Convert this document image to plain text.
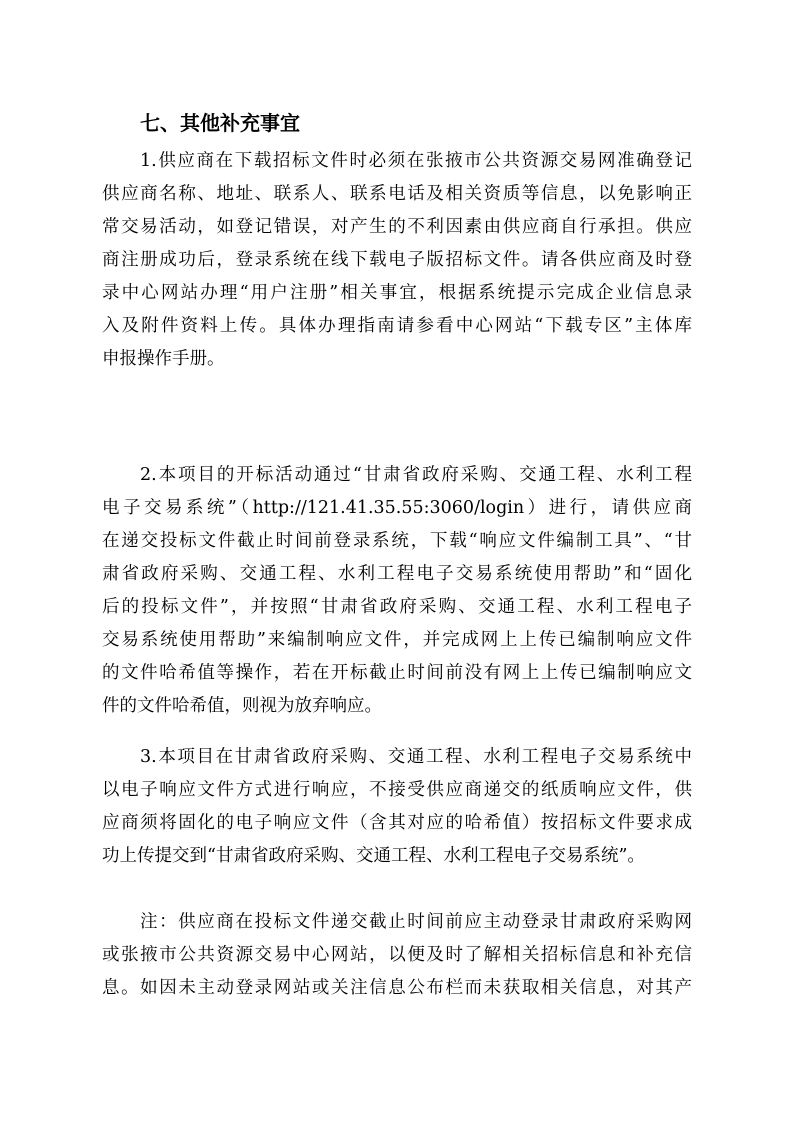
七、其他补充事宜

1.供应商在下载招标文件时必须在张掖市公共资源交易网准确登记
供应商名称、地址、联系人、联系电话及相关资质等信息，以免影响正
常交易活动，如登记错误，对产生的不利因素由供应商自行承担。供应
商注册成功后，登录系统在线下载电子版招标文件。请各供应商及时登
录中心网站办理“用户注册”相关事宜，根据系统提示完成企业信息录
入及附件资料上传。具体办理指南请参看中心网站“下载专区”主体库
申报操作手册。

2.本项目的开标活动通过“甘肃省政府采购、交通工程、水利工程
电子交易系统”（http://121.41.35.55:3060/login）进行，请供应商
在递交投标文件截止时间前登录系统，下载“响应文件编制工具”、“甘
肃省政府采购、交通工程、水利工程电子交易系统使用帮助”和“固化
后的投标文件”，并按照“甘肃省政府采购、交通工程、水利工程电子
交易系统使用帮助”来编制响应文件，并完成网上上传已编制响应文件
的文件哈希值等操作，若在开标截止时间前没有网上上传已编制响应文
件的文件哈希值，则视为放弃响应。

3.本项目在甘肃省政府采购、交通工程、水利工程电子交易系统中
以电子响应文件方式进行响应，不接受供应商递交的纸质响应文件，供
应商须将固化的电子响应文件（含其对应的哈希值）按招标文件要求成
功上传提交到“甘肃省政府采购、交通工程、水利工程电子交易系统”。

注：供应商在投标文件递交截止时间前应主动登录甘肃政府采购网
或张掖市公共资源交易中心网站，以便及时了解相关招标信息和补充信
息。如因未主动登录网站或关注信息公布栏而未获取相关信息，对其产
